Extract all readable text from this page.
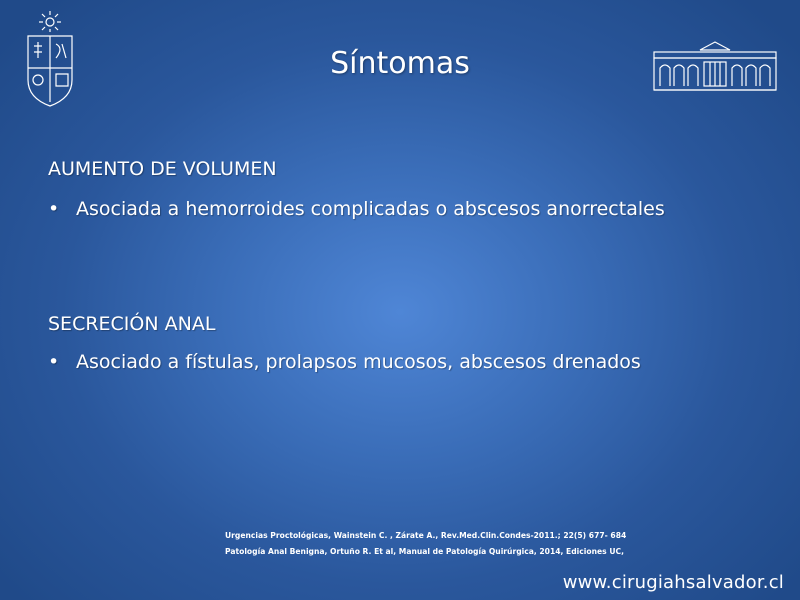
Síntomas
AUMENTO DE VOLUMEN
• Asociada a hemorroides complicadas o abscesos anorrectales
SECRECIÓN ANAL
• Asociado a fístulas, prolapsos mucosos, abscesos drenados
Urgencias Proctológicas, Wainstein C. , Zárate A., Rev.Med.Clin.Condes-2011.; 22(5) 677- 684
Patología Anal Benigna, Ortuño R. Et al, Manual de Patología Quirúrgica, 2014, Ediciones UC,
www.cirugiahsalvador.cl
